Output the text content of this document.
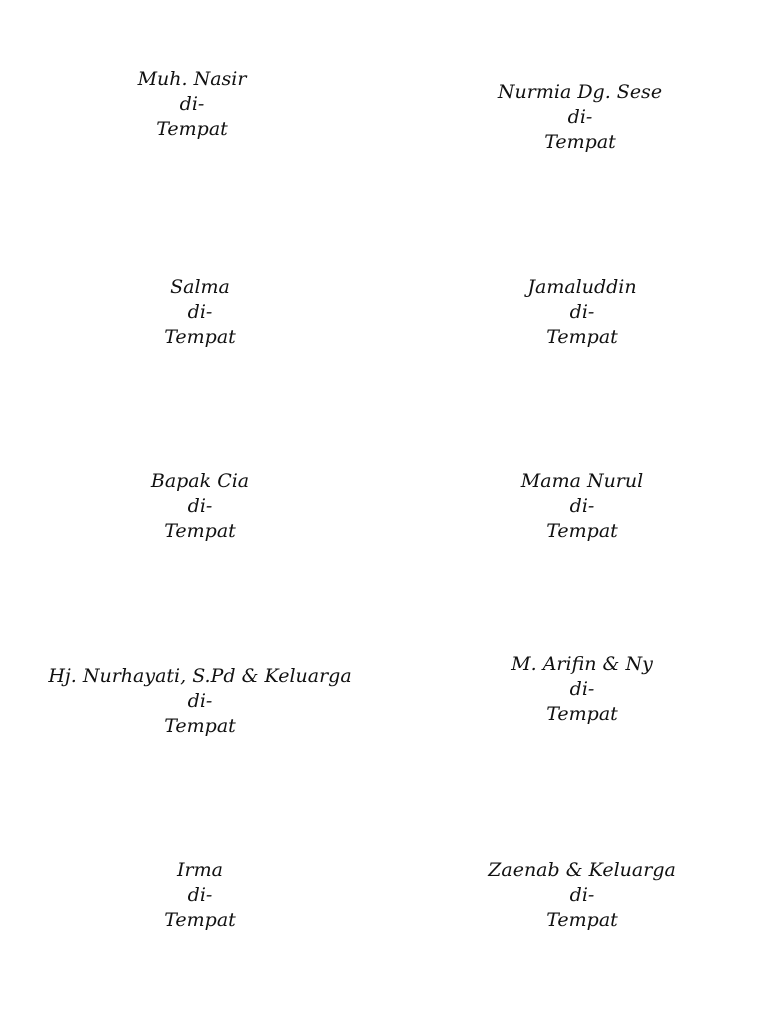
Muh. Nasir
di-
Tempat
Nurmia Dg. Sese
di-
Tempat
Salma
di-
Tempat
Jamaluddin
di-
Tempat
Bapak Cia
di-
Tempat
Mama Nurul
di-
Tempat
Hj. Nurhayati, S.Pd & Keluarga
di-
Tempat
M. Arifin & Ny
di-
Tempat
Irma
di-
Tempat
Zaenab & Keluarga
di-
Tempat
